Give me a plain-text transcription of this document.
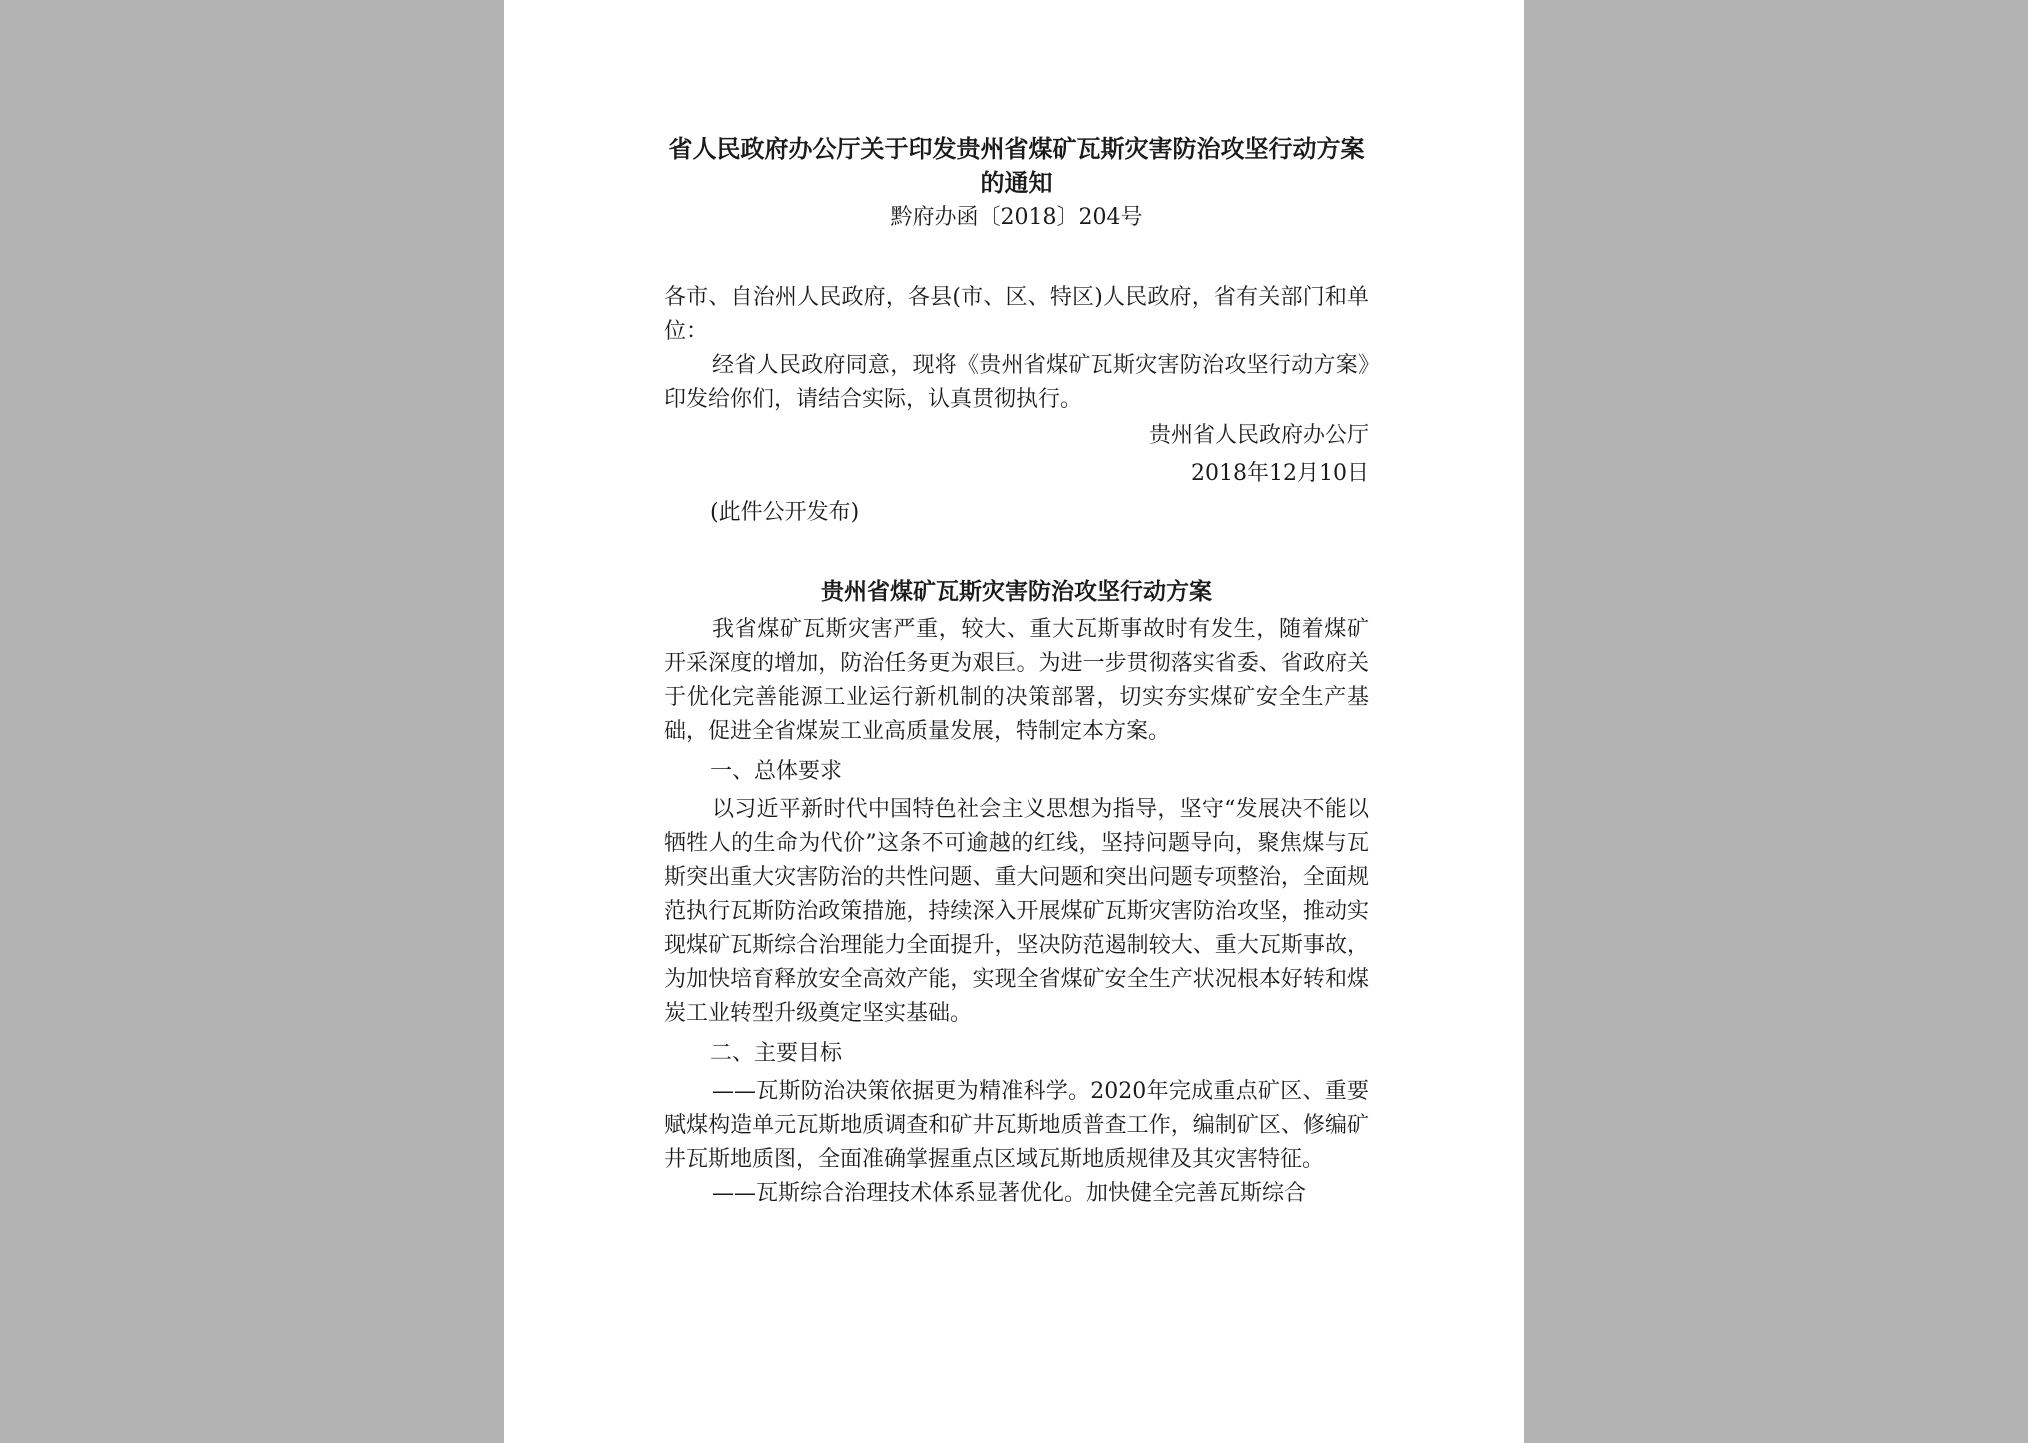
省人民政府办公厅关于印发贵州省煤矿瓦斯灾害防治攻坚行动方案的通知
黔府办函〔2018〕204号

各市、自治州人民政府，各县(市、区、特区)人民政府，省有关部门和单位：

经省人民政府同意，现将《贵州省煤矿瓦斯灾害防治攻坚行动方案》印发给你们，请结合实际，认真贯彻执行。

贵州省人民政府办公厅
2018年12月10日
(此件公开发布)
贵州省煤矿瓦斯灾害防治攻坚行动方案

我省煤矿瓦斯灾害严重，较大、重大瓦斯事故时有发生，随着煤矿开采深度的增加，防治任务更为艰巨。为进一步贯彻落实省委、省政府关于优化完善能源工业运行新机制的决策部署，切实夯实煤矿安全生产基础，促进全省煤炭工业高质量发展，特制定本方案。

一、总体要求

以习近平新时代中国特色社会主义思想为指导，坚守“发展决不能以牺牲人的生命为代价”这条不可逾越的红线，坚持问题导向，聚焦煤与瓦斯突出重大灾害防治的共性问题、重大问题和突出问题专项整治，全面规范执行瓦斯防治政策措施，持续深入开展煤矿瓦斯灾害防治攻坚，推动实现煤矿瓦斯综合治理能力全面提升，坚决防范遏制较大、重大瓦斯事故，为加快培育释放安全高效产能，实现全省煤矿安全生产状况根本好转和煤炭工业转型升级奠定坚实基础。

二、主要目标

——瓦斯防治决策依据更为精准科学。2020年完成重点矿区、重要赋煤构造单元瓦斯地质调查和矿井瓦斯地质普查工作，编制矿区、修编矿井瓦斯地质图，全面准确掌握重点区域瓦斯地质规律及其灾害特征。

——瓦斯综合治理技术体系显著优化。加快健全完善瓦斯综合
